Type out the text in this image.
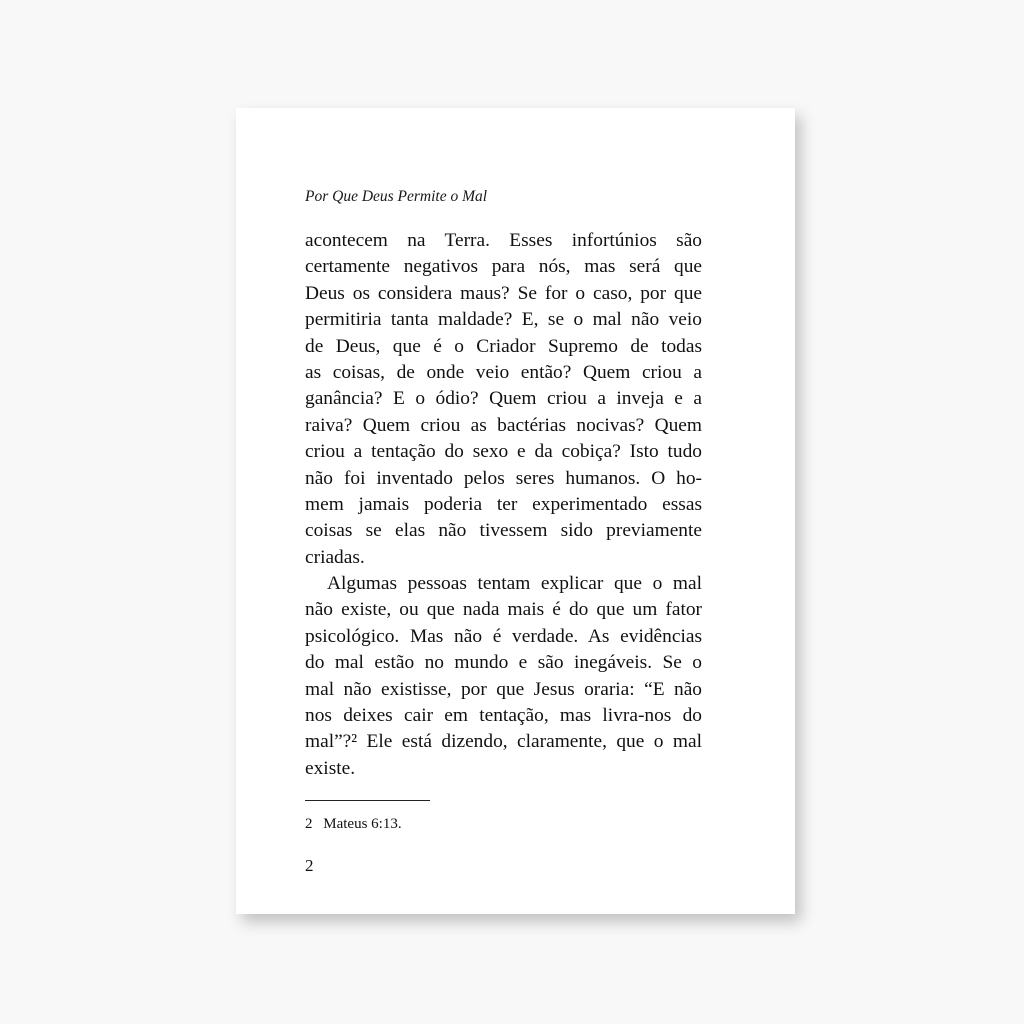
Por Que Deus Permite o Mal
acontecem na Terra. Esses infortúnios são
certamente negativos para nós, mas será que
Deus os considera maus? Se for o caso, por que
permitiria tanta maldade? E, se o mal não veio
de Deus, que é o Criador Supremo de todas
as coisas, de onde veio então? Quem criou a
ganância? E o ódio? Quem criou a inveja e a
raiva? Quem criou as bactérias nocivas? Quem
criou a tentação do sexo e da cobiça? Isto tudo
não foi inventado pelos seres humanos. O ho-
mem jamais poderia ter experimentado essas
coisas se elas não tivessem sido previamente
criadas.
Algumas pessoas tentam explicar que o mal
não existe, ou que nada mais é do que um fator
psicológico. Mas não é verdade. As evidências
do mal estão no mundo e são inegáveis. Se o
mal não existisse, por que Jesus oraria: “E não
nos deixes cair em tentação, mas livra-nos do
mal”?² Ele está dizendo, claramente, que o mal
existe.
2 Mateus 6:13.
2
